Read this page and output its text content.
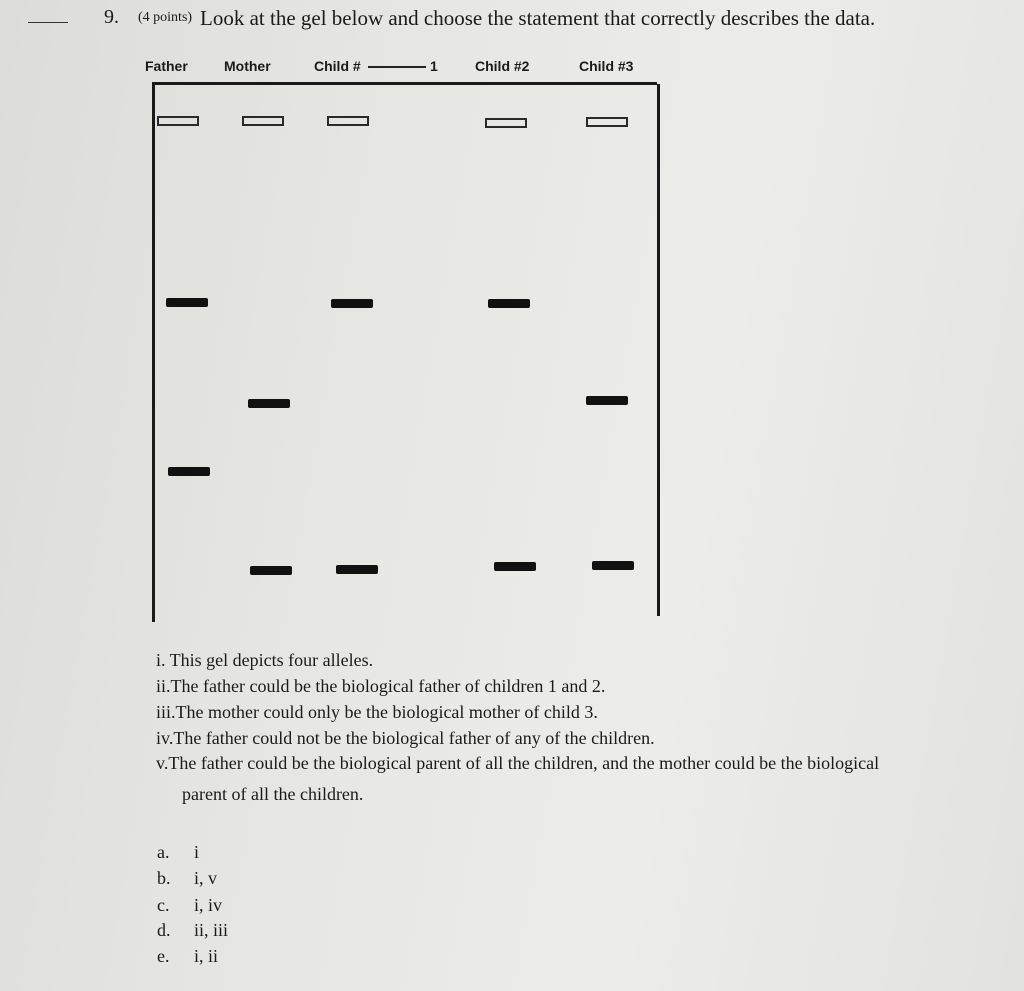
9. (4 points) Look at the gel below and choose the statement that correctly describes the data.
Father	Mother	Child #	1	Child #2	Child #3
i. This gel depicts four alleles.
ii.The father could be the biological father of children 1 and 2.
iii.The mother could only be the biological mother of child 3.
iv.The father could not be the biological father of any of the children.
v.The father could be the biological parent of all the children, and the mother could be the biological
parent of all the children.
a. i
b. i, v
c. i, iv
d. ii, iii
e. i, ii
